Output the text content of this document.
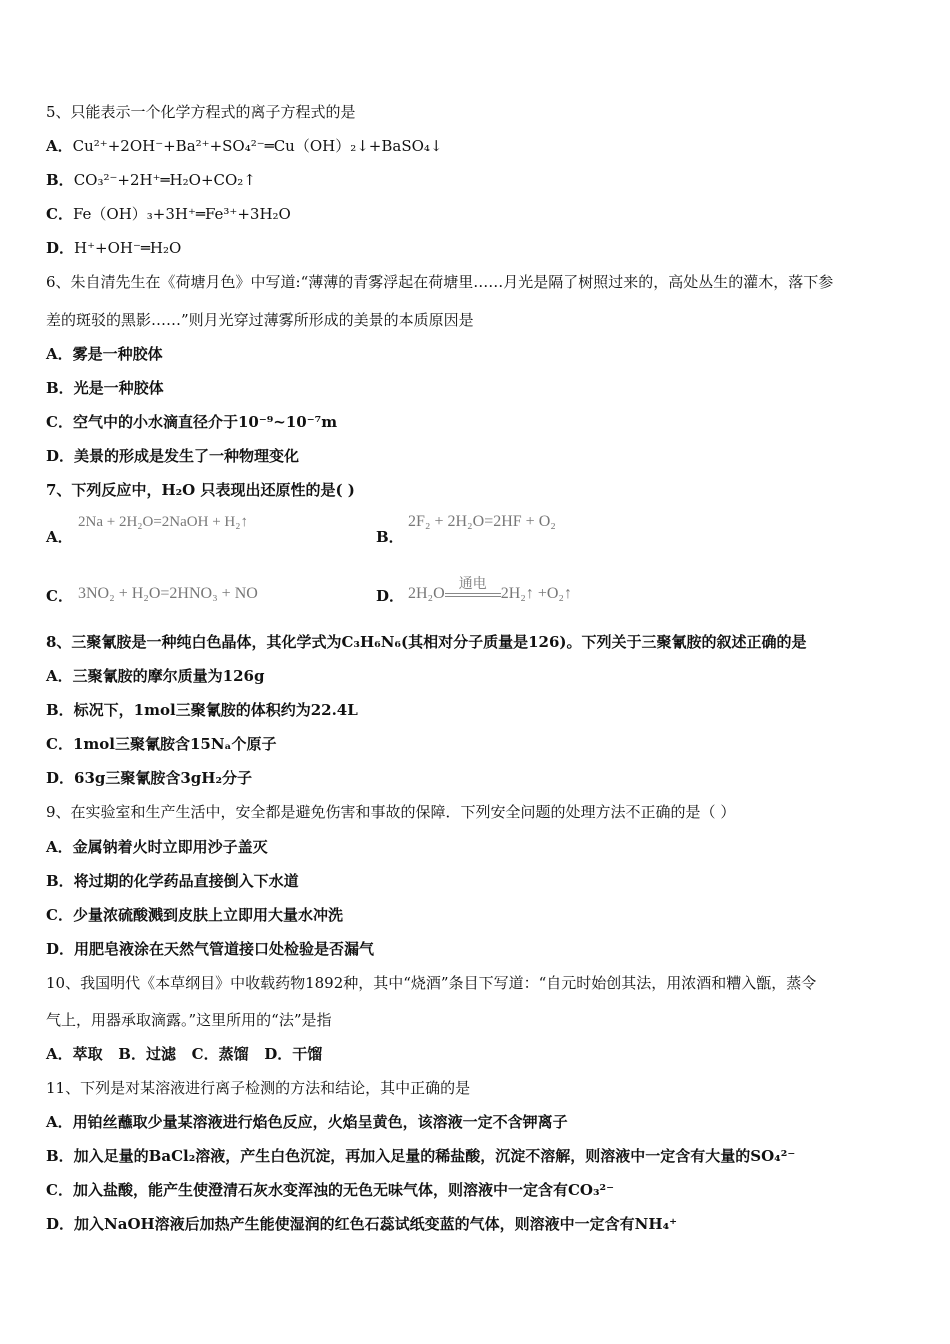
5、只能表示一个化学方程式的离子方程式的是
A．Cu²⁺+2OH⁻+Ba²⁺+SO₄²⁻═Cu（OH）₂↓+BaSO₄↓
B．CO₃²⁻+2H⁺═H₂O+CO₂↑
C．Fe（OH）₃+3H⁺═Fe³⁺+3H₂O
D．H⁺+OH⁻═H₂O
6、朱自清先生在《荷塘月色》中写道:“薄薄的青雾浮起在荷塘里……月光是隔了树照过来的，高处丛生的灌木，落下参
差的斑驳的黑影……”则月光穿过薄雾所形成的美景的本质原因是
A．雾是一种胶体
B．光是一种胶体
C．空气中的小水滴直径介于10⁻⁹~10⁻⁷m
D．美景的形成是发生了一种物理变化
7、下列反应中，H₂O 只表现出还原性的是( )
A．
2Na + 2H₂O=2NaOH + H₂↑
B．
2F₂ + 2H₂O=2HF + O₂
C． 3NO₂ + H₂O=2HNO₃ + NO	D． 2H₂O
通电
2H₂↑ +O₂↑
8、三聚氰胺是一种纯白色晶体，其化学式为C₃H₆N₆(其相对分子质量是126)。下列关于三聚氰胺的叙述正确的是
A．三聚氰胺的摩尔质量为126g
B．标况下，1mol三聚氰胺的体积约为22.4L
C．1mol三聚氰胺含15Nₐ个原子
D．63g三聚氰胺含3gH₂分子
9、在实验室和生产生活中，安全都是避免伤害和事故的保障．下列安全问题的处理方法不正确的是（ ）
A．金属钠着火时立即用沙子盖灭
B．将过期的化学药品直接倒入下水道
C．少量浓硫酸溅到皮肤上立即用大量水冲洗
D．用肥皂液涂在天然气管道接口处检验是否漏气
10、我国明代《本草纲目》中收载药物1892种，其中“烧酒”条目下写道：“自元时始创其法，用浓酒和糟入甑，蒸令
气上，用器承取滴露。”这里所用的“法”是指
A．萃取   B．过滤   C．蒸馏   D．干馏
11、下列是对某溶液进行离子检测的方法和结论，其中正确的是
A．用铂丝蘸取少量某溶液进行焰色反应，火焰呈黄色，该溶液一定不含钾离子
B．加入足量的BaCl₂溶液，产生白色沉淀，再加入足量的稀盐酸，沉淀不溶解，则溶液中一定含有大量的SO₄²⁻
C．加入盐酸，能产生使澄清石灰水变浑浊的无色无味气体，则溶液中一定含有CO₃²⁻
D．加入NaOH溶液后加热产生能使湿润的红色石蕊试纸变蓝的气体，则溶液中一定含有NH₄⁺
